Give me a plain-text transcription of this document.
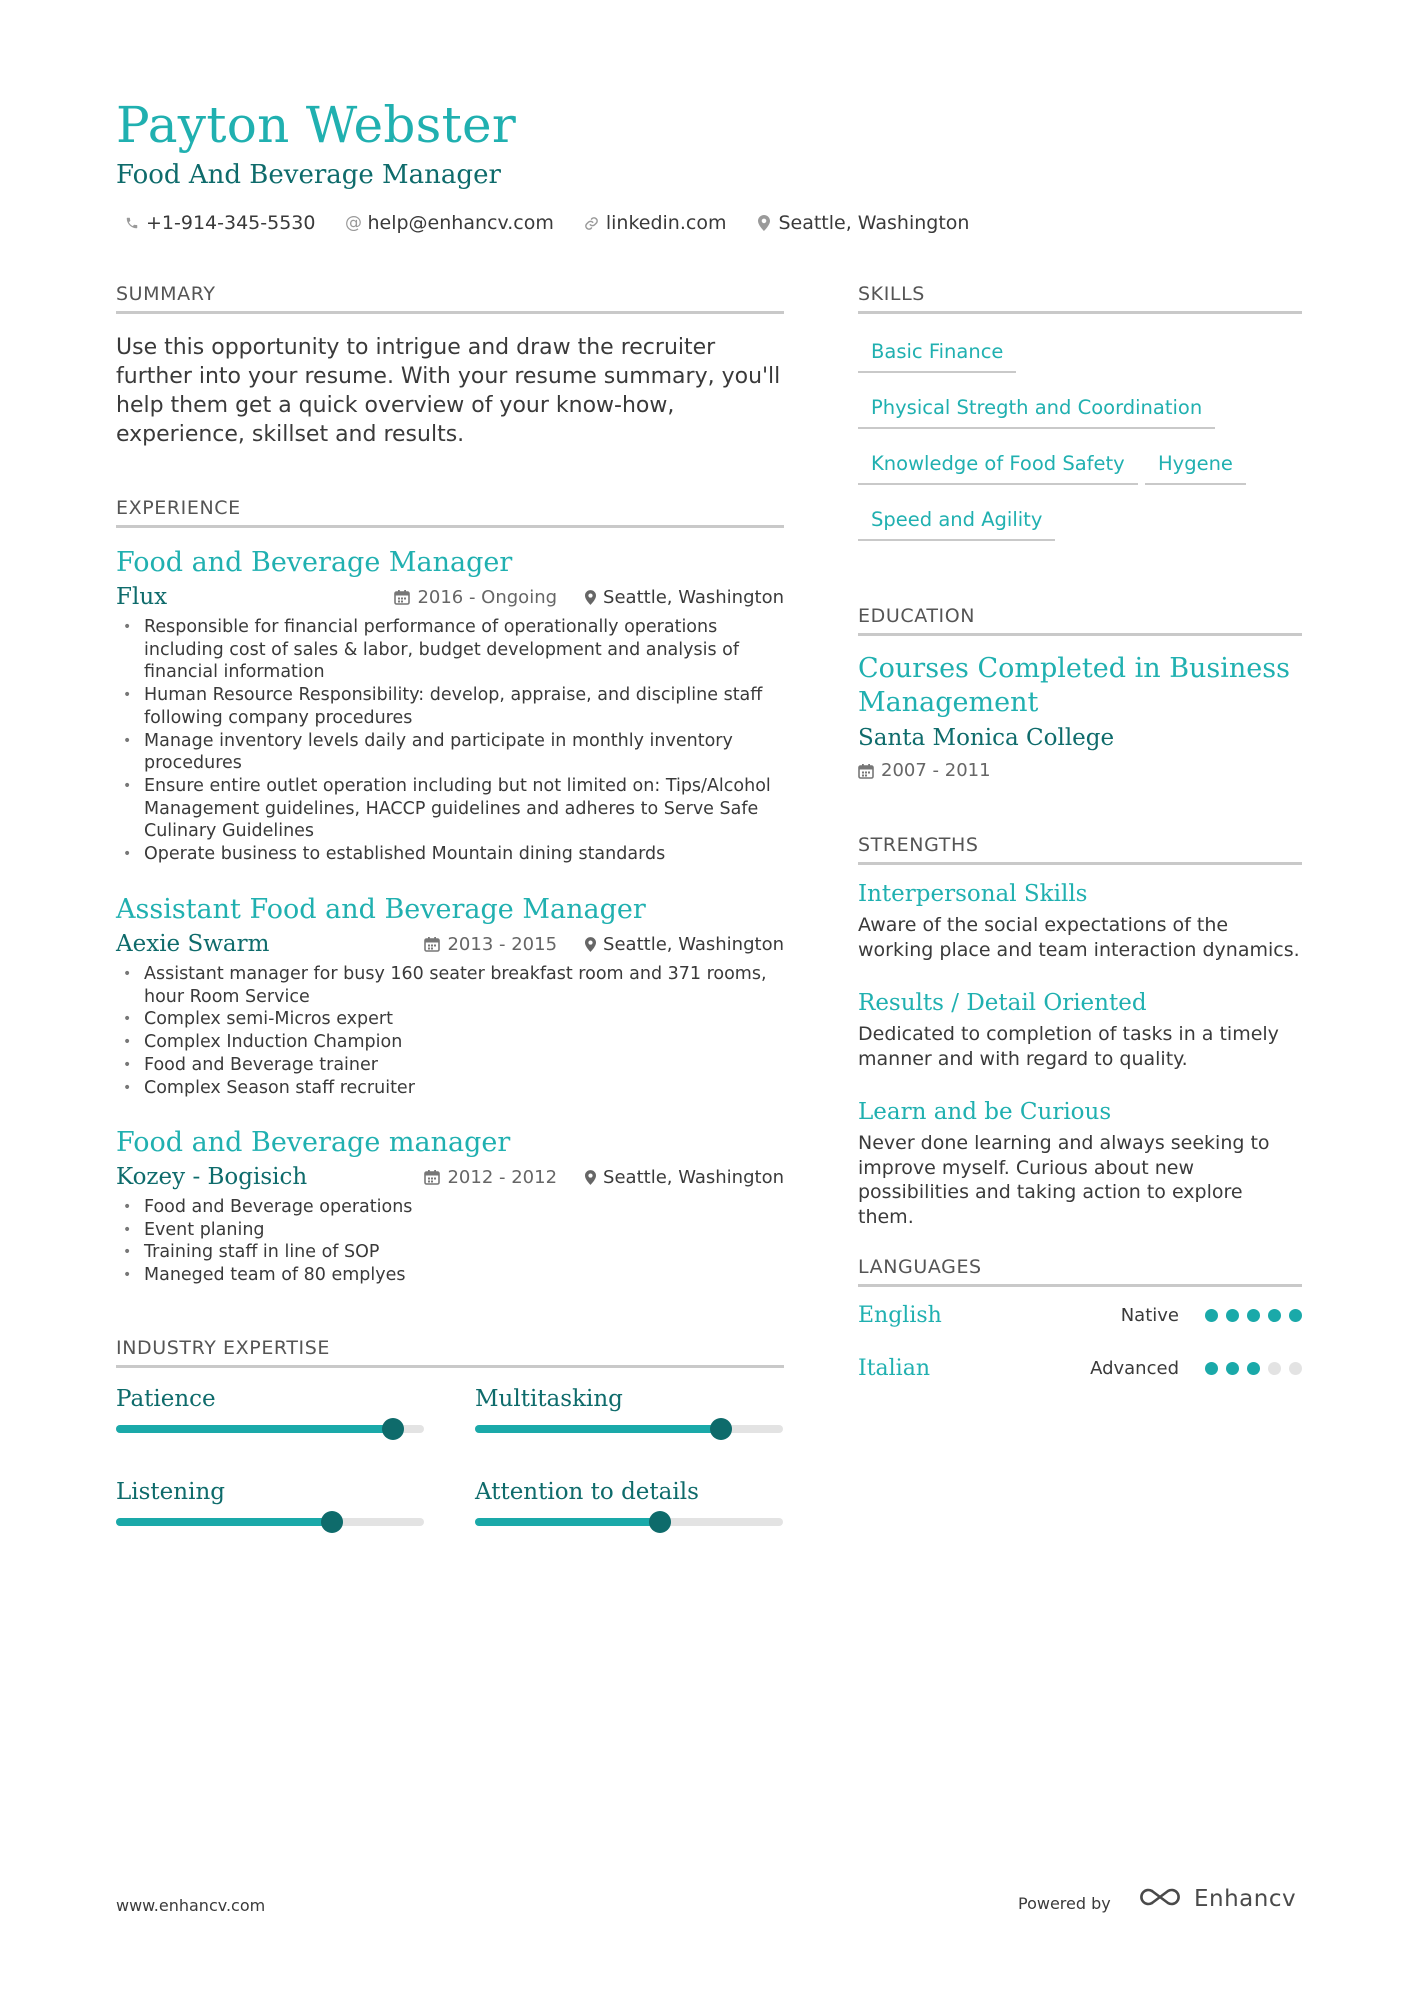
Payton Webster
Food And Beverage Manager
+1-914-345-5530 @ help@enhancv.com	linkedin.com	Seattle, Washington
SUMMARY

Use this opportunity to intrigue and draw the recruiter further into your resume. With your resume summary, you'll help them get a quick overview of your know-how, experience, skillset and results.

EXPERIENCE
Food and Beverage Manager
Flux	2016 - Ongoing	Seattle, Washington
• Responsible for financial performance of operationally operations including cost of sales & labor, budget development and analysis of financial information
• Human Resource Responsibility: develop, appraise, and discipline staff following company procedures
• Manage inventory levels daily and participate in monthly inventory procedures
• Ensure entire outlet operation including but not limited on: Tips/Alcohol Management guidelines, HACCP guidelines and adheres to Serve Safe Culinary Guidelines
• Operate business to established Mountain dining standards
Assistant Food and Beverage Manager
Aexie Swarm	2013 - 2015	Seattle, Washington
• Assistant manager for busy 160 seater breakfast room and 371 rooms, hour Room Service
• Complex semi-Micros expert
• Complex Induction Champion
• Food and Beverage trainer
• Complex Season staff recruiter
Food and Beverage manager
Kozey - Bogisich	2012 - 2012	Seattle, Washington
• Food and Beverage operations
• Event planing
• Training staff in line of SOP
• Maneged team of 80 emplyes
INDUSTRY EXPERTISE
Patience	Multitasking
Listening	Attention to details
SKILLS
Basic Finance
Physical Stregth and Coordination
Knowledge of Food Safety	Hygene
Speed and Agility
EDUCATION
Courses Completed in Business Management
Santa Monica College
2007 - 2011
STRENGTHS
Interpersonal Skills
Aware of the social expectations of the working place and team interaction dynamics.
Results / Detail Oriented
Dedicated to completion of tasks in a timely manner and with regard to quality.
Learn and be Curious
Never done learning and always seeking to improve myself. Curious about new possibilities and taking action to explore them.
LANGUAGES
English	Native
Italian	Advanced
www.enhancv.com	Powered by	Enhancv
